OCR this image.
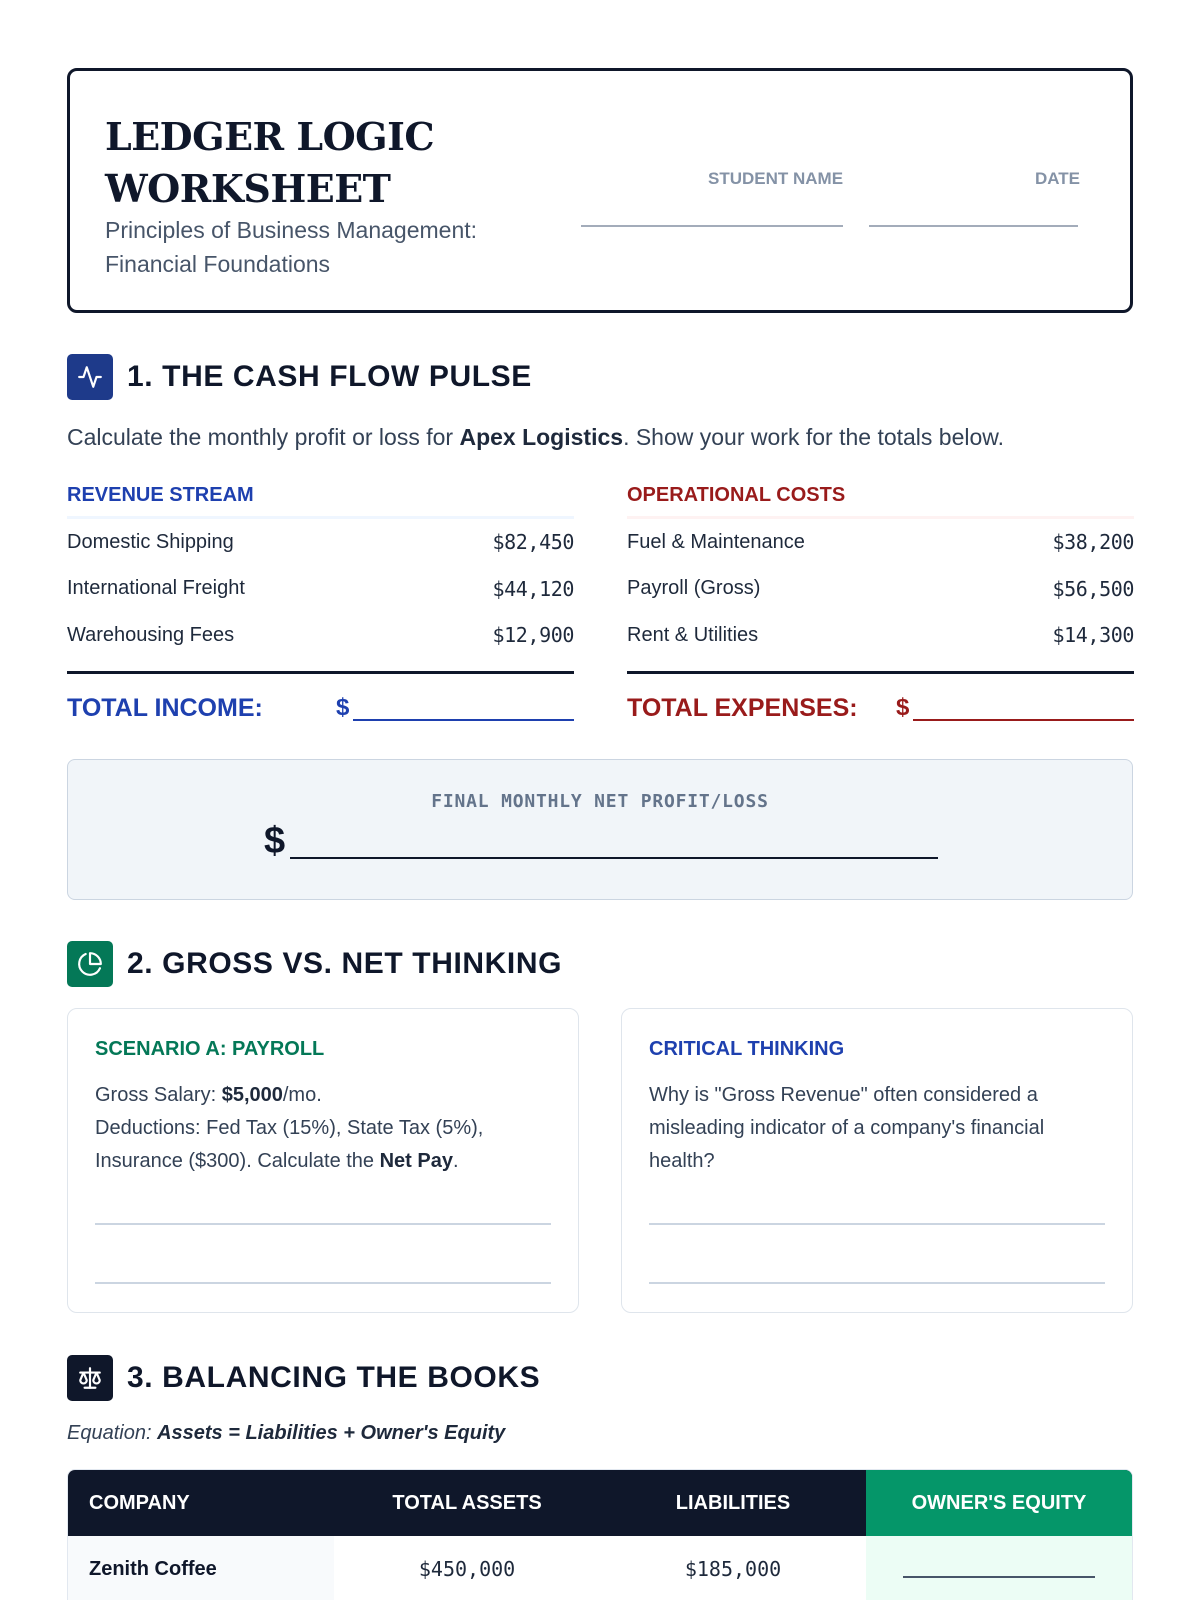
LEDGER LOGIC WORKSHEET
Principles of Business Management: Financial Foundations
STUDENT NAME	DATE
1. THE CASH FLOW PULSE
Calculate the monthly profit or loss for Apex Logistics. Show your work for the totals below.
REVENUE STREAM
Domestic Shipping	$82,450
International Freight	$44,120
Warehousing Fees	$12,900
TOTAL INCOME:	$
OPERATIONAL COSTS
Fuel & Maintenance	$38,200
Payroll (Gross)	$56,500
Rent & Utilities	$14,300
TOTAL EXPENSES: $
FINAL MONTHLY NET PROFIT/LOSS
$
2. GROSS VS. NET THINKING
SCENARIO A: PAYROLL
Gross Salary: $5,000/mo.
Deductions: Fed Tax (15%), State Tax (5%), Insurance ($300). Calculate the Net Pay.
CRITICAL THINKING
Why is "Gross Revenue" often considered a misleading indicator of a company's financial health?
3. BALANCING THE BOOKS
Equation: Assets = Liabilities + Owner's Equity
COMPANY	TOTAL ASSETS	LIABILITIES	OWNER'S EQUITY
Zenith Coffee	$450,000	$185,000
